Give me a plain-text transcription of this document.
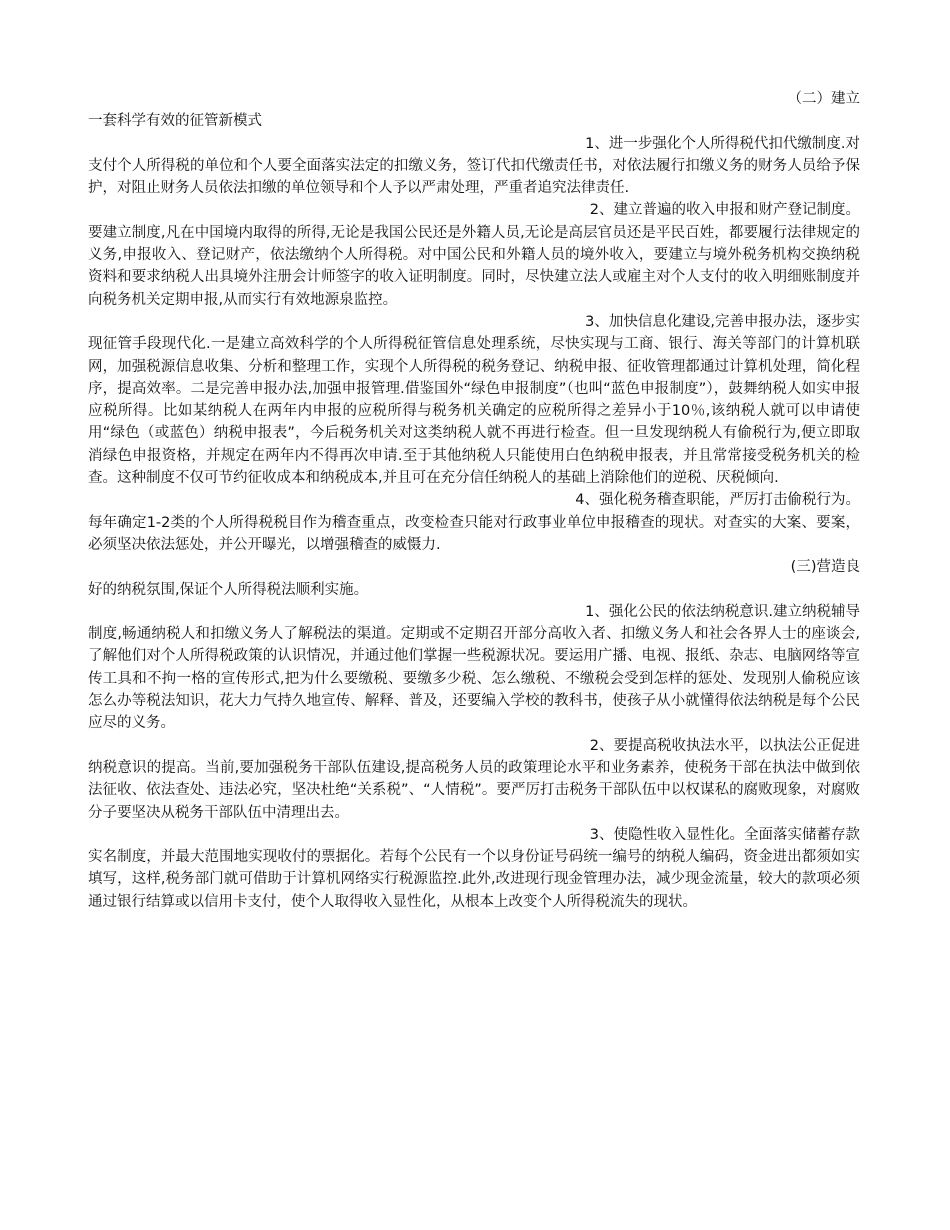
（二）建立
一套科学有效的征管新模式
1、进一步强化个人所得税代扣代缴制度.对
支付个人所得税的单位和个人要全面落实法定的扣缴义务，签订代扣代缴责任书，对依法履行扣缴义务的财务人员给予保护，对阻止财务人员依法扣缴的单位领导和个人予以严肃处理，严重者追究法律责任.
2、建立普遍的收入申报和财产登记制度。
要建立制度,凡在中国境内取得的所得,无论是我国公民还是外籍人员,无论是高层官员还是平民百姓，都要履行法律规定的义务,申报收入、登记财产，依法缴纳个人所得税。对中国公民和外籍人员的境外收入，要建立与境外税务机构交换纳税资料和要求纳税人出具境外注册会计师签字的收入证明制度。同时，尽快建立法人或雇主对个人支付的收入明细账制度并向税务机关定期申报,从而实行有效地源泉监控。
3、加快信息化建设,完善申报办法，逐步实
现征管手段现代化.一是建立高效科学的个人所得税征管信息处理系统，尽快实现与工商、银行、海关等部门的计算机联网，加强税源信息收集、分析和整理工作，实现个人所得税的税务登记、纳税申报、征收管理都通过计算机处理，简化程序，提高效率。二是完善申报办法,加强申报管理.借鉴国外“绿色申报制度”（也叫“蓝色申报制度”），鼓舞纳税人如实申报应税所得。比如某纳税人在两年内申报的应税所得与税务机关确定的应税所得之差异小于10％,该纳税人就可以申请使用“绿色（或蓝色）纳税申报表”，今后税务机关对这类纳税人就不再进行检查。但一旦发现纳税人有偷税行为,便立即取消绿色申报资格，并规定在两年内不得再次申请.至于其他纳税人只能使用白色纳税申报表，并且常常接受税务机关的检查。这种制度不仅可节约征收成本和纳税成本,并且可在充分信任纳税人的基础上消除他们的逆税、厌税倾向.
4、强化税务稽查职能，严厉打击偷税行为。
每年确定1-2类的个人所得税税目作为稽查重点，改变检查只能对行政事业单位申报稽查的现状。对查实的大案、要案，必须坚决依法惩处，并公开曝光，以增强稽查的威慑力.
(三)营造良
好的纳税氛围,保证个人所得税法顺利实施。
1、强化公民的依法纳税意识.建立纳税辅导
制度,畅通纳税人和扣缴义务人了解税法的渠道。定期或不定期召开部分高收入者、扣缴义务人和社会各界人士的座谈会,了解他们对个人所得税政策的认识情况，并通过他们掌握一些税源状况。要运用广播、电视、报纸、杂志、电脑网络等宣传工具和不拘一格的宣传形式,把为什么要缴税、要缴多少税、怎么缴税、不缴税会受到怎样的惩处、发现别人偷税应该怎么办等税法知识，花大力气持久地宣传、解释、普及，还要编入学校的教科书，使孩子从小就懂得依法纳税是每个公民应尽的义务。
2、要提高税收执法水平，以执法公正促进
纳税意识的提高。当前,要加强税务干部队伍建设,提高税务人员的政策理论水平和业务素养，使税务干部在执法中做到依法征收、依法查处、违法必究，坚决杜绝“关系税”、“人情税”。要严厉打击税务干部队伍中以权谋私的腐败现象，对腐败分子要坚决从税务干部队伍中清理出去。
3、使隐性收入显性化。全面落实储蓄存款
实名制度，并最大范围地实现收付的票据化。若每个公民有一个以身份证号码统一编号的纳税人编码，资金进出都须如实填写，这样,税务部门就可借助于计算机网络实行税源监控.此外,改进现行现金管理办法，减少现金流量，较大的款项必须通过银行结算或以信用卡支付，使个人取得收入显性化，从根本上改变个人所得税流失的现状。
